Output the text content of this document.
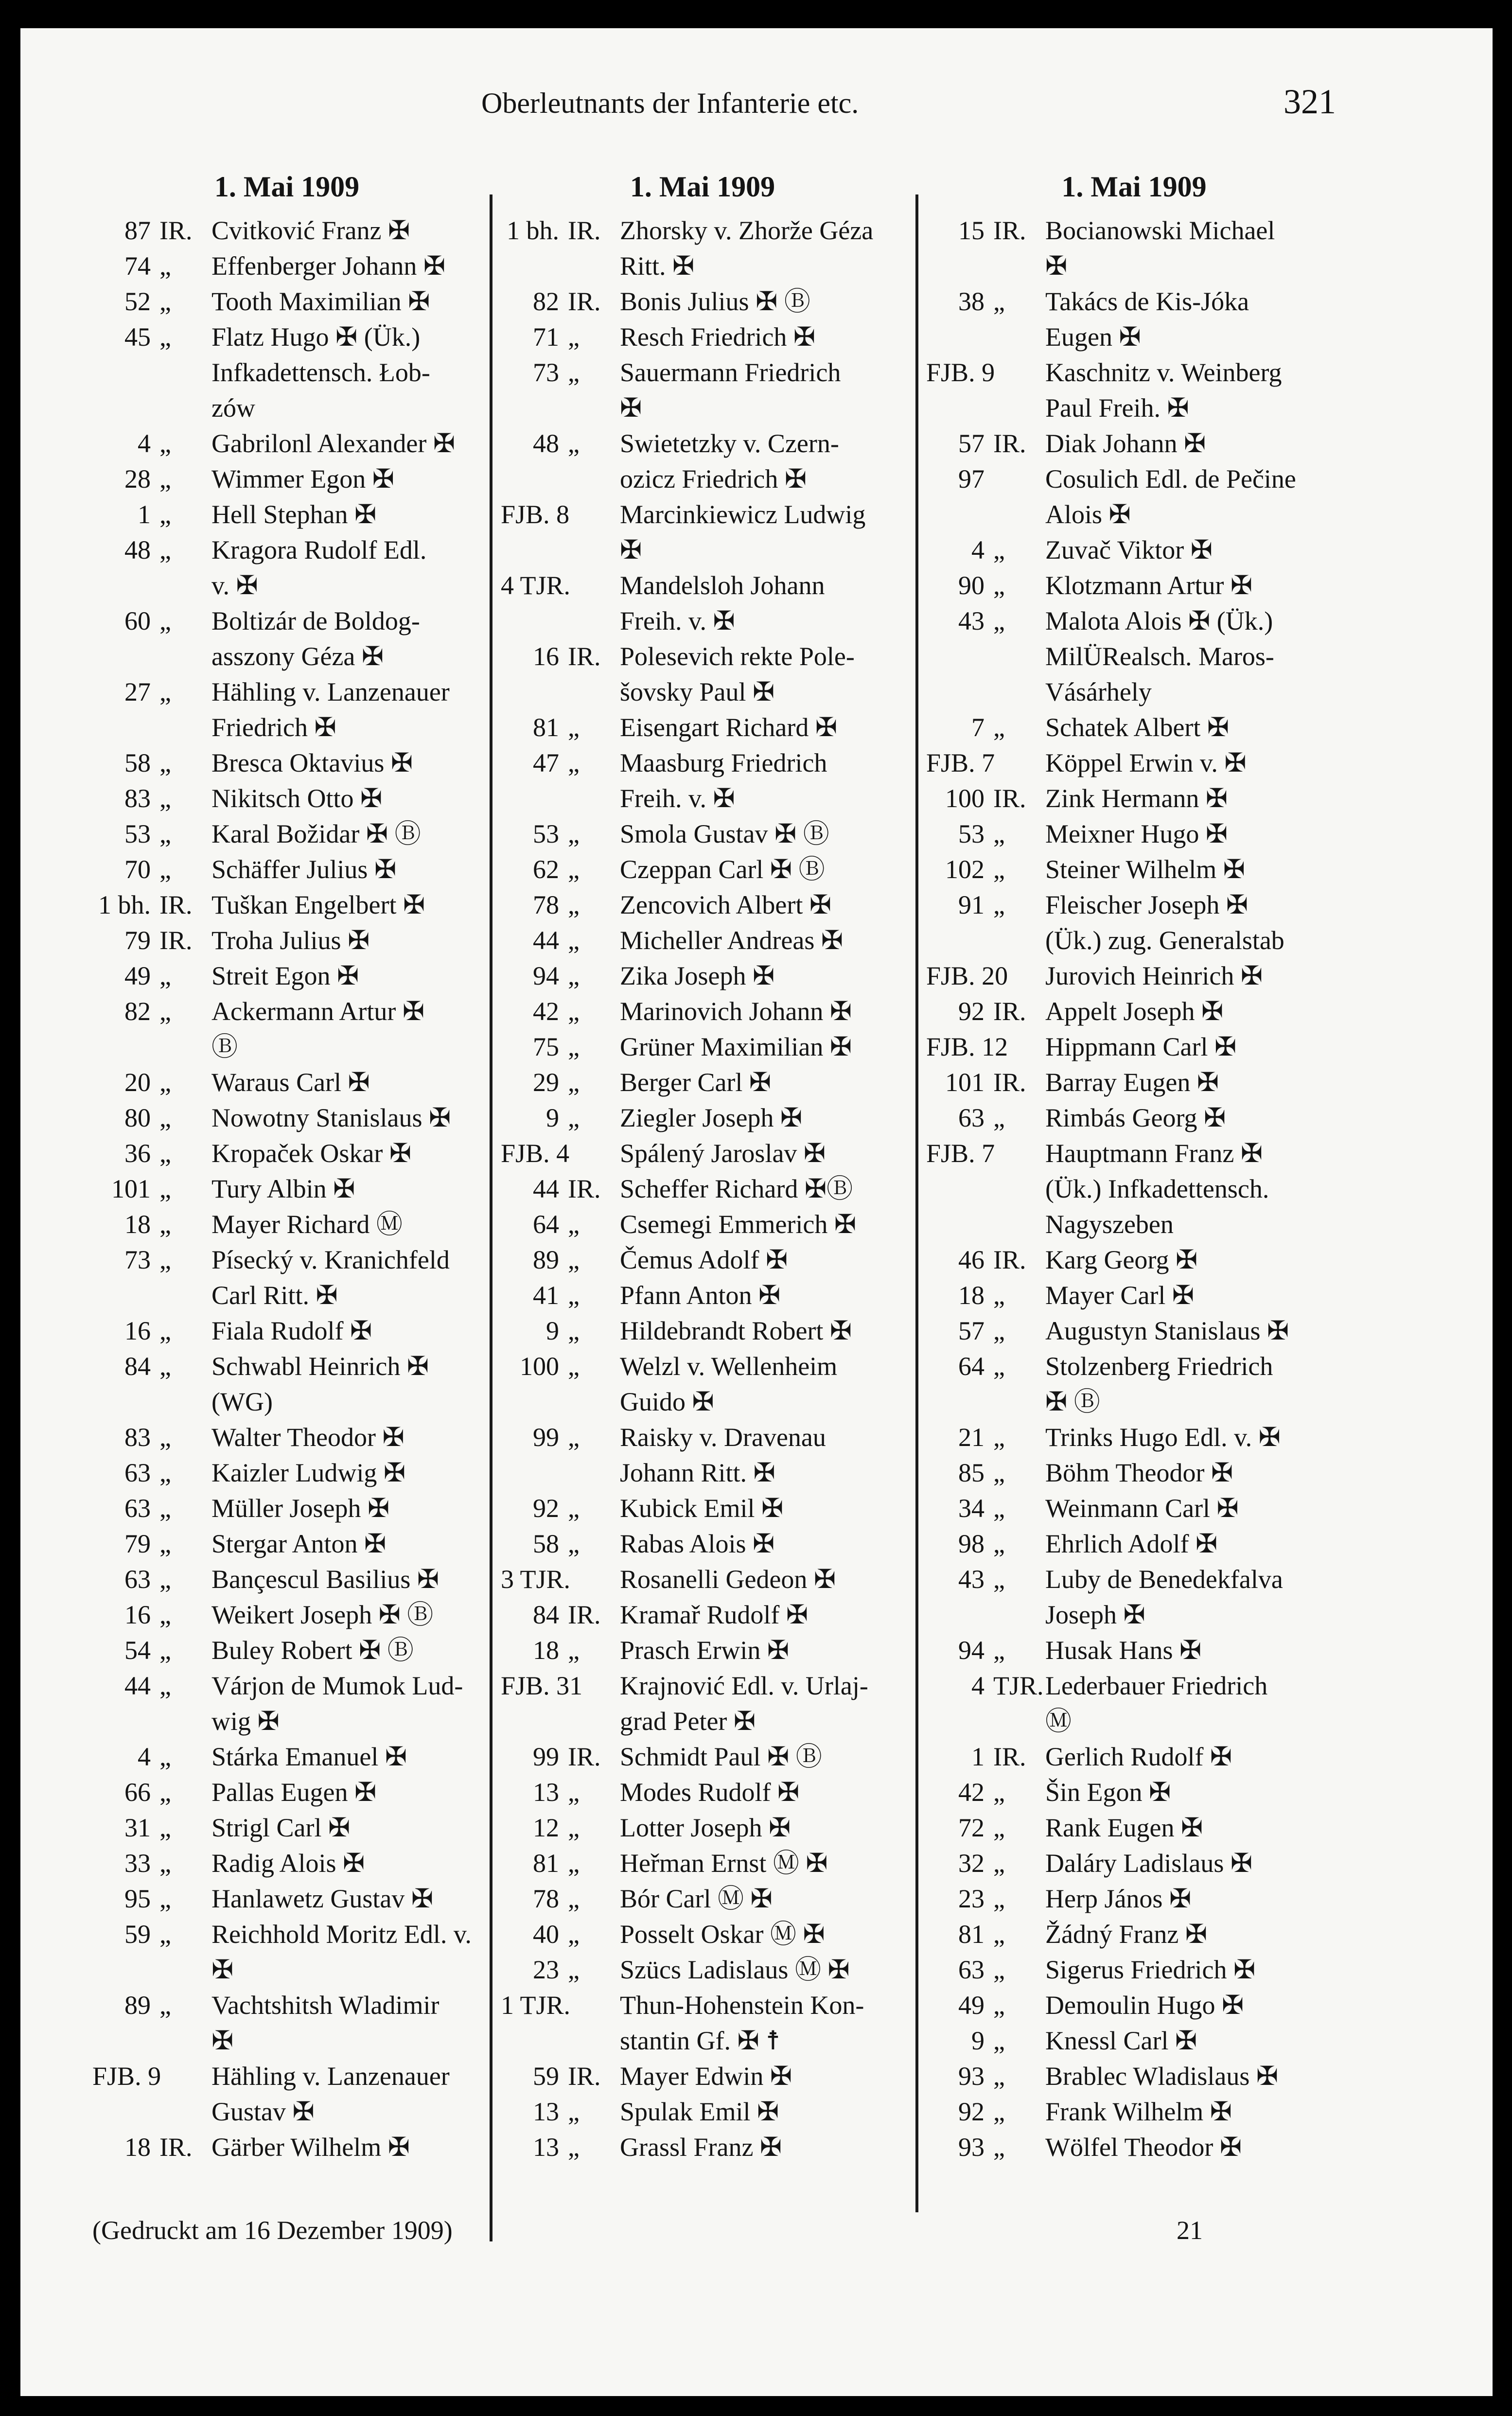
Oberleutnants der Infanterie etc.	321
1. Mai 1909
87 IR. Cvitković Franz ✠
74 „ Effenberger Johann ✠
52 „ Tooth Maximilian ✠
45 „ Flatz Hugo ✠ (Ük.)
Infkadettensch. Łob-
zów
4 „ Gabrilonl Alexander ✠
28 „ Wimmer Egon ✠
1 „ Hell Stephan ✠
48 „ Kragora Rudolf Edl.
v. ✠
60 „ Boltizár de Boldog-
asszony Géza ✠
27 „ Hähling v. Lanzenauer
Friedrich ✠
58 „ Bresca Oktavius ✠
83 „ Nikitsch Otto ✠
53 „ Karal Božidar ✠ Ⓑ
70 „ Schäffer Julius ✠
1 bh. IR. Tuškan Engelbert ✠
79 IR. Troha Julius ✠
49 „ Streit Egon ✠
82 „ Ackermann Artur ✠
Ⓑ
20 „ Waraus Carl ✠
80 „ Nowotny Stanislaus ✠
36 „ Kropaček Oskar ✠
101 „ Tury Albin ✠
18 „ Mayer Richard Ⓜ
73 „ Písecký v. Kranichfeld
Carl Ritt. ✠
16 „ Fiala Rudolf ✠
84 „ Schwabl Heinrich ✠
(WG)
83 „ Walter Theodor ✠
63 „ Kaizler Ludwig ✠
63 „ Müller Joseph ✠
79 „ Stergar Anton ✠
63 „ Bançescul Basilius ✠
16 „ Weikert Joseph ✠ Ⓑ
54 „ Buley Robert ✠ Ⓑ
44 „ Várjon de Mumok Lud-
wig ✠
4 „ Stárka Emanuel ✠
66 „ Pallas Eugen ✠
31 „ Strigl Carl ✠
33 „ Radig Alois ✠
95 „ Hanlawetz Gustav ✠
59 „ Reichhold Moritz Edl. v.
✠
89 „ Vachtshitsh Wladimir
✠
FJB. 9 Hähling v. Lanzenauer
Gustav ✠
18 IR. Gärber Wilhelm ✠
1. Mai 1909
1 bh. IR. Zhorsky v. Zhorže Géza
Ritt. ✠
82 IR. Bonis Julius ✠ Ⓑ
71 „ Resch Friedrich ✠
73 „ Sauermann Friedrich
✠
48 „ Swietetzky v. Czern-
ozicz Friedrich ✠
FJB. 8 Marcinkiewicz Ludwig
✠
4 TJR. Mandelsloh Johann
Freih. v. ✠
16 IR. Polesevich rekte Pole-
šovsky Paul ✠
81 „ Eisengart Richard ✠
47 „ Maasburg Friedrich
Freih. v. ✠
53 „ Smola Gustav ✠ Ⓑ
62 „ Czeppan Carl ✠ Ⓑ
78 „ Zencovich Albert ✠
44 „ Micheller Andreas ✠
94 „ Zika Joseph ✠
42 „ Marinovich Johann ✠
75 „ Grüner Maximilian ✠
29 „ Berger Carl ✠
9 „ Ziegler Joseph ✠
FJB. 4 Spálený Jaroslav ✠
44 IR. Scheffer Richard ✠Ⓑ
64 „ Csemegi Emmerich ✠
89 „ Čemus Adolf ✠
41 „ Pfann Anton ✠
9 „ Hildebrandt Robert ✠
100 „ Welzl v. Wellenheim
Guido ✠
99 „ Raisky v. Dravenau
Johann Ritt. ✠
92 „ Kubick Emil ✠
58 „ Rabas Alois ✠
3 TJR. Rosanelli Gedeon ✠
84 IR. Kramař Rudolf ✠
18 „ Prasch Erwin ✠
FJB. 31 Krajnović Edl. v. Urlaj-
grad Peter ✠
99 IR. Schmidt Paul ✠ Ⓑ
13 „ Modes Rudolf ✠
12 „ Lotter Joseph ✠
81 „ Heřman Ernst Ⓜ ✠
78 „ Bór Carl Ⓜ ✠
40 „ Posselt Oskar Ⓜ ✠
23 „ Szücs Ladislaus Ⓜ ✠
1 TJR. Thun-Hohenstein Kon-
stantin Gf. ✠ ☨
59 IR. Mayer Edwin ✠
13 „ Spulak Emil ✠
13 „ Grassl Franz ✠
1. Mai 1909
15 IR. Bocianowski Michael
✠
38 „ Takács de Kis-Jóka
Eugen ✠
FJB. 9 Kaschnitz v. Weinberg
Paul Freih. ✠
57 IR. Diak Johann ✠
97 Cosulich Edl. de Pečine
Alois ✠
4 „ Zuvač Viktor ✠
90 „ Klotzmann Artur ✠
43 „ Malota Alois ✠ (Ük.)
MilÜRealsch. Maros-
Vásárhely
7 „ Schatek Albert ✠
FJB. 7 Köppel Erwin v. ✠
100 IR. Zink Hermann ✠
53 „ Meixner Hugo ✠
102 „ Steiner Wilhelm ✠
91 „ Fleischer Joseph ✠
(Ük.) zug. Generalstab
FJB. 20 Jurovich Heinrich ✠
92 IR. Appelt Joseph ✠
FJB. 12 Hippmann Carl ✠
101 IR. Barray Eugen ✠
63 „ Rimbás Georg ✠
FJB. 7 Hauptmann Franz ✠
(Ük.) Infkadettensch.
Nagyszeben
46 IR. Karg Georg ✠
18 „ Mayer Carl ✠
57 „ Augustyn Stanislaus ✠
64 „ Stolzenberg Friedrich
✠ Ⓑ
21 „ Trinks Hugo Edl. v. ✠
85 „ Böhm Theodor ✠
34 „ Weinmann Carl ✠
98 „ Ehrlich Adolf ✠
43 „ Luby de Benedekfalva
Joseph ✠
94 „ Husak Hans ✠
4 TJR. Lederbauer Friedrich
Ⓜ
1 IR. Gerlich Rudolf ✠
42 „ Šin Egon ✠
72 „ Rank Eugen ✠
32 „ Daláry Ladislaus ✠
23 „ Herp János ✠
81 „ Žádný Franz ✠
63 „ Sigerus Friedrich ✠
49 „ Demoulin Hugo ✠
9 „ Knessl Carl ✠
93 „ Brablec Wladislaus ✠
92 „ Frank Wilhelm ✠
93 „ Wölfel Theodor ✠
(Gedruckt am 16 Dezember 1909)	21
